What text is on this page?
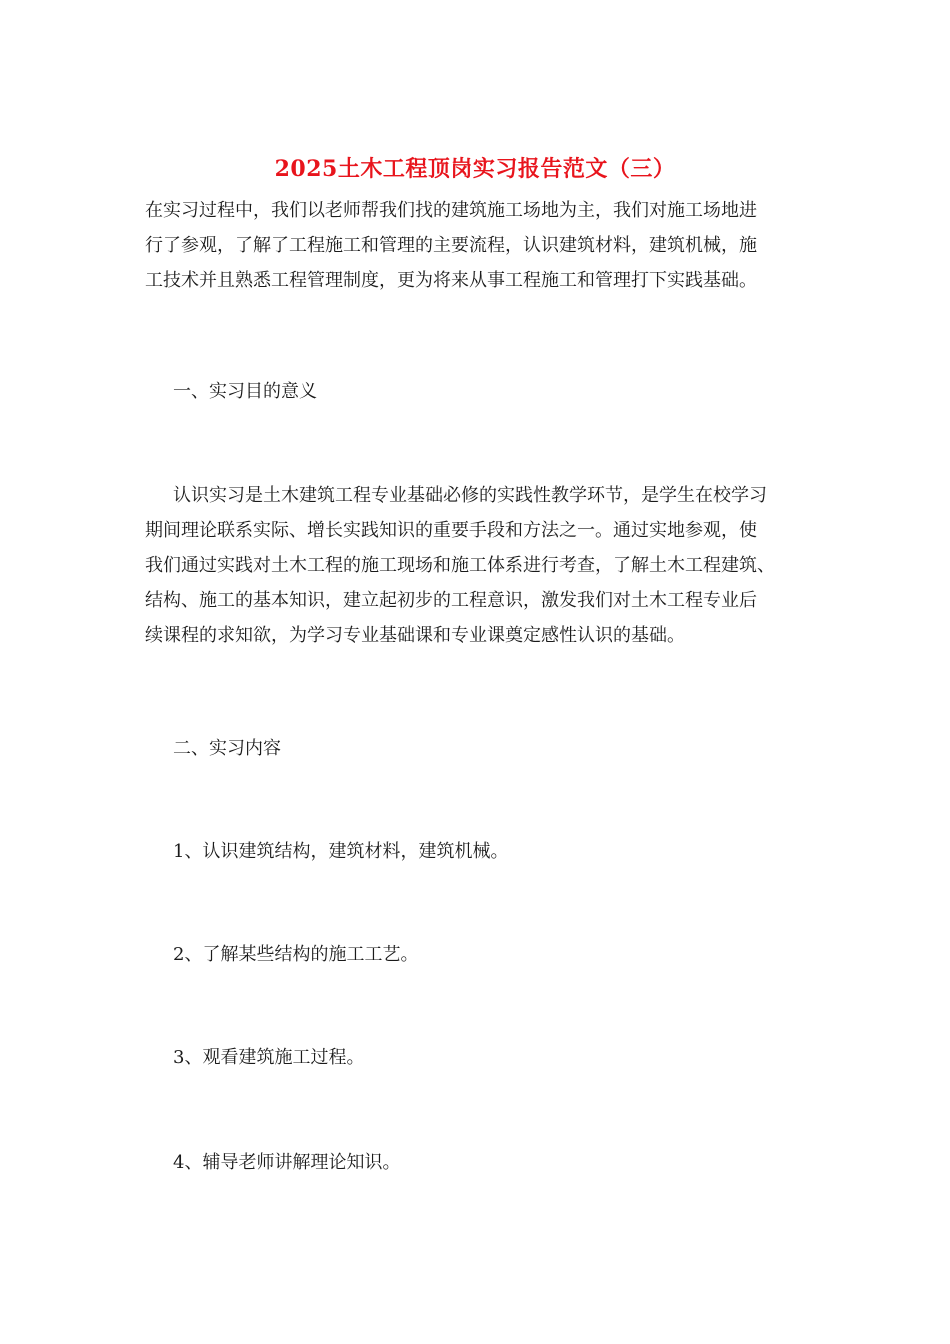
2025土木工程顶岗实习报告范文（三）
在实习过程中，我们以老师帮我们找的建筑施工场地为主，我们对施工场地进
行了参观，了解了工程施工和管理的主要流程，认识建筑材料，建筑机械，施
工技术并且熟悉工程管理制度，更为将来从事工程施工和管理打下实践基础。
一、实习目的意义
认识实习是土木建筑工程专业基础必修的实践性教学环节，是学生在校学习
期间理论联系实际、增长实践知识的重要手段和方法之一。通过实地参观，使
我们通过实践对土木工程的施工现场和施工体系进行考查，了解土木工程建筑、
结构、施工的基本知识，建立起初步的工程意识，激发我们对土木工程专业后
续课程的求知欲，为学习专业基础课和专业课奠定感性认识的基础。
二、实习内容
1、认识建筑结构，建筑材料，建筑机械。
2、了解某些结构的施工工艺。
3、观看建筑施工过程。
4、辅导老师讲解理论知识。
